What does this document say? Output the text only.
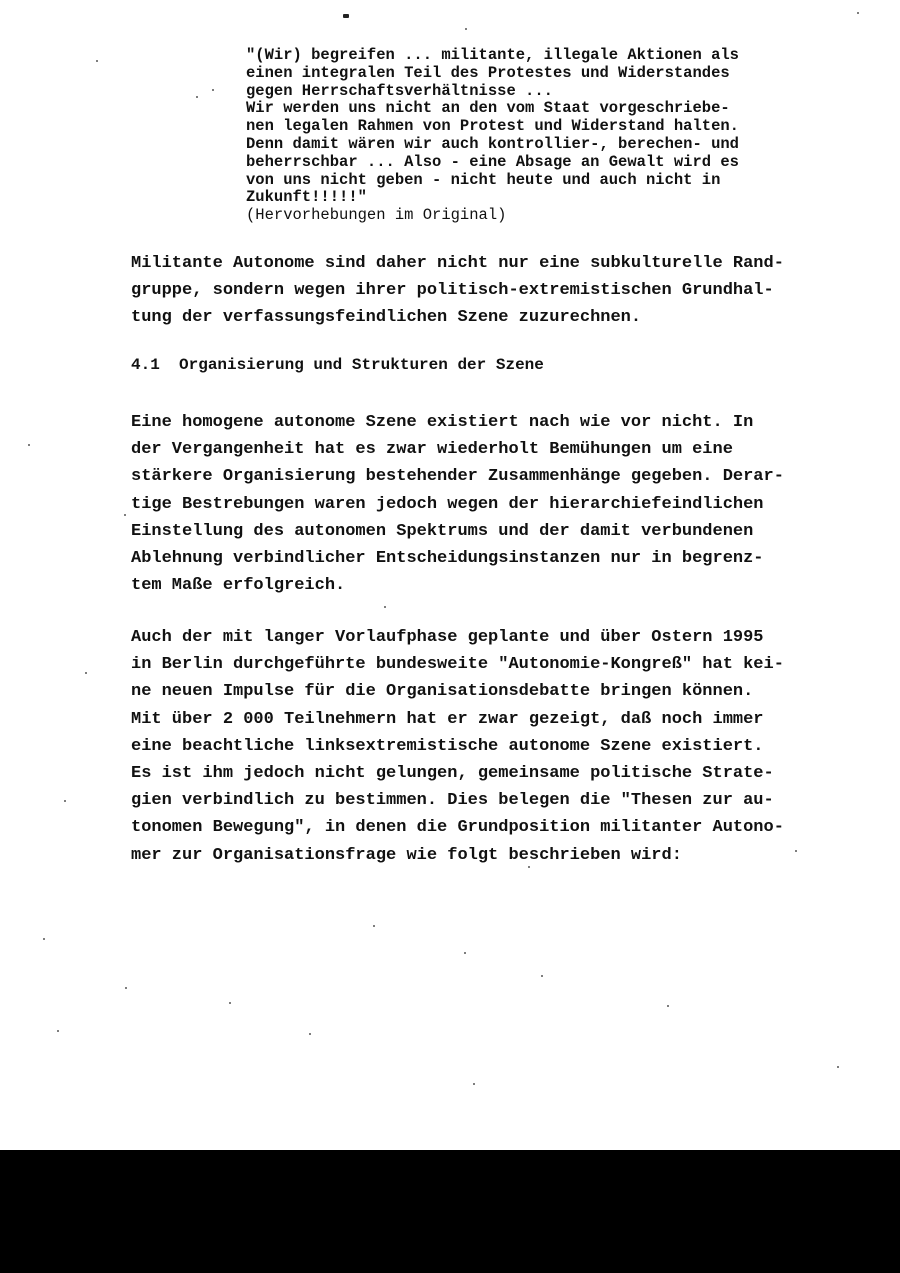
"(Wir) begreifen ... militante, illegale Aktionen als
einen integralen Teil des Protestes und Widerstandes
gegen Herrschaftsverhältnisse ...
Wir werden uns nicht an den vom Staat vorgeschriebe-
nen legalen Rahmen von Protest und Widerstand halten.
Denn damit wären wir auch kontrollier-, berechen- und
beherrschbar ... Also - eine Absage an Gewalt wird es
von uns nicht geben - nicht heute und auch nicht in
Zukunft!!!!!"
(Hervorhebungen im Original)
Militante Autonome sind daher nicht nur eine subkulturelle Rand-
gruppe, sondern wegen ihrer politisch-extremistischen Grundhal-
tung der verfassungsfeindlichen Szene zuzurechnen.
4.1  Organisierung und Strukturen der Szene
Eine homogene autonome Szene existiert nach wie vor nicht. In
der Vergangenheit hat es zwar wiederholt Bemühungen um eine
stärkere Organisierung bestehender Zusammenhänge gegeben. Derar-
tige Bestrebungen waren jedoch wegen der hierarchiefeindlichen
Einstellung des autonomen Spektrums und der damit verbundenen
Ablehnung verbindlicher Entscheidungsinstanzen nur in begrenz-
tem Maße erfolgreich.
Auch der mit langer Vorlaufphase geplante und über Ostern 1995
in Berlin durchgeführte bundesweite "Autonomie-Kongreß" hat kei-
ne neuen Impulse für die Organisationsdebatte bringen können.
Mit über 2 000 Teilnehmern hat er zwar gezeigt, daß noch immer
eine beachtliche linksextremistische autonome Szene existiert.
Es ist ihm jedoch nicht gelungen, gemeinsame politische Strate-
gien verbindlich zu bestimmen. Dies belegen die "Thesen zur au-
tonomen Bewegung", in denen die Grundposition militanter Autono-
mer zur Organisationsfrage wie folgt beschrieben wird:
